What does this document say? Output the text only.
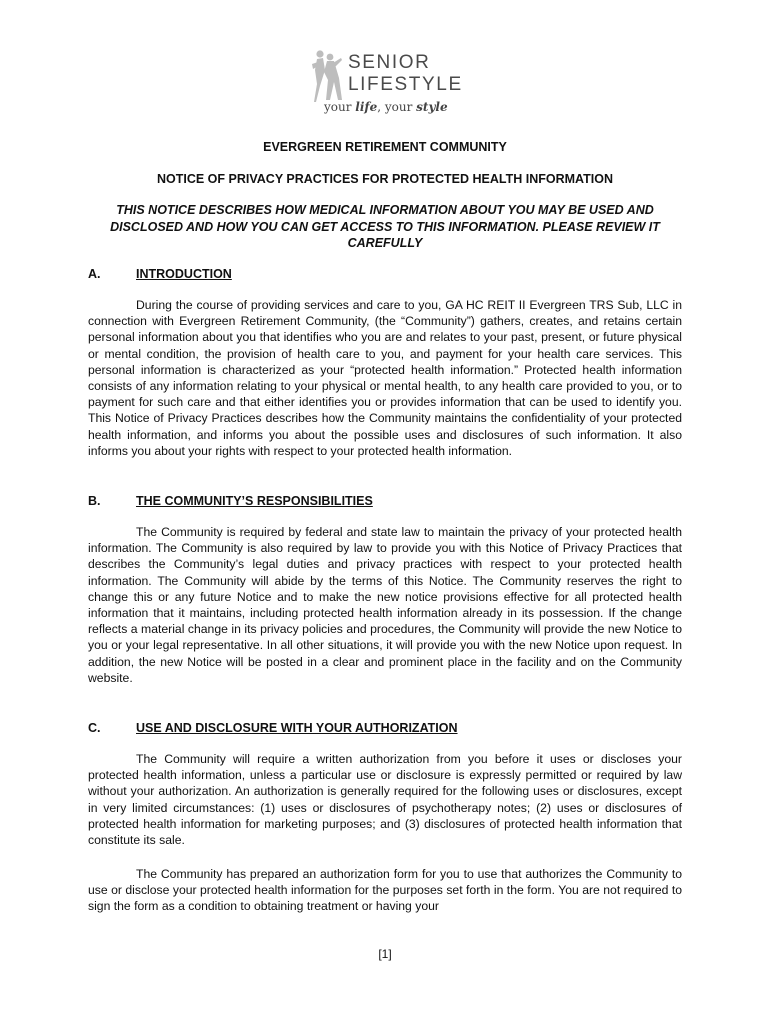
SENIOR
LIFESTYLE
your life, your style
EVERGREEN RETIREMENT COMMUNITY
NOTICE OF PRIVACY PRACTICES FOR PROTECTED HEALTH INFORMATION
THIS NOTICE DESCRIBES HOW MEDICAL INFORMATION ABOUT YOU MAY BE USED AND DISCLOSED AND HOW YOU CAN GET ACCESS TO THIS INFORMATION. PLEASE REVIEW IT CAREFULLY
A.	INTRODUCTION

During the course of providing services and care to you, GA HC REIT II Evergreen TRS Sub, LLC in connection with Evergreen Retirement Community, (the “Community”) gathers, creates, and retains certain personal information about you that identifies who you are and relates to your past, present, or future physical or mental condition, the provision of health care to you, and payment for your health care services. This personal information is characterized as your “protected health information.” Protected health information consists of any information relating to your physical or mental health, to any health care provided to you, or to payment for such care and that either identifies you or provides information that can be used to identify you. This Notice of Privacy Practices describes how the Community maintains the confidentiality of your protected health information, and informs you about the possible uses and disclosures of such information. It also informs you about your rights with respect to your protected health information.

B.	THE COMMUNITY’S RESPONSIBILITIES

The Community is required by federal and state law to maintain the privacy of your protected health information. The Community is also required by law to provide you with this Notice of Privacy Practices that describes the Community’s legal duties and privacy practices with respect to your protected health information. The Community will abide by the terms of this Notice. The Community reserves the right to change this or any future Notice and to make the new notice provisions effective for all protected health information that it maintains, including protected health information already in its possession. If the change reflects a material change in its privacy policies and procedures, the Community will provide the new Notice to you or your legal representative. In all other situations, it will provide you with the new Notice upon request. In addition, the new Notice will be posted in a clear and prominent place in the facility and on the Community website.

C.	USE AND DISCLOSURE WITH YOUR AUTHORIZATION

The Community will require a written authorization from you before it uses or discloses your protected health information, unless a particular use or disclosure is expressly permitted or required by law without your authorization. An authorization is generally required for the following uses or disclosures, except in very limited circumstances: (1) uses or disclosures of psychotherapy notes; (2) uses or disclosures of protected health information for marketing purposes; and (3) disclosures of protected health information that constitute its sale.

The Community has prepared an authorization form for you to use that authorizes the Community to use or disclose your protected health information for the purposes set forth in the form. You are not required to sign the form as a condition to obtaining treatment or having your

[1]
